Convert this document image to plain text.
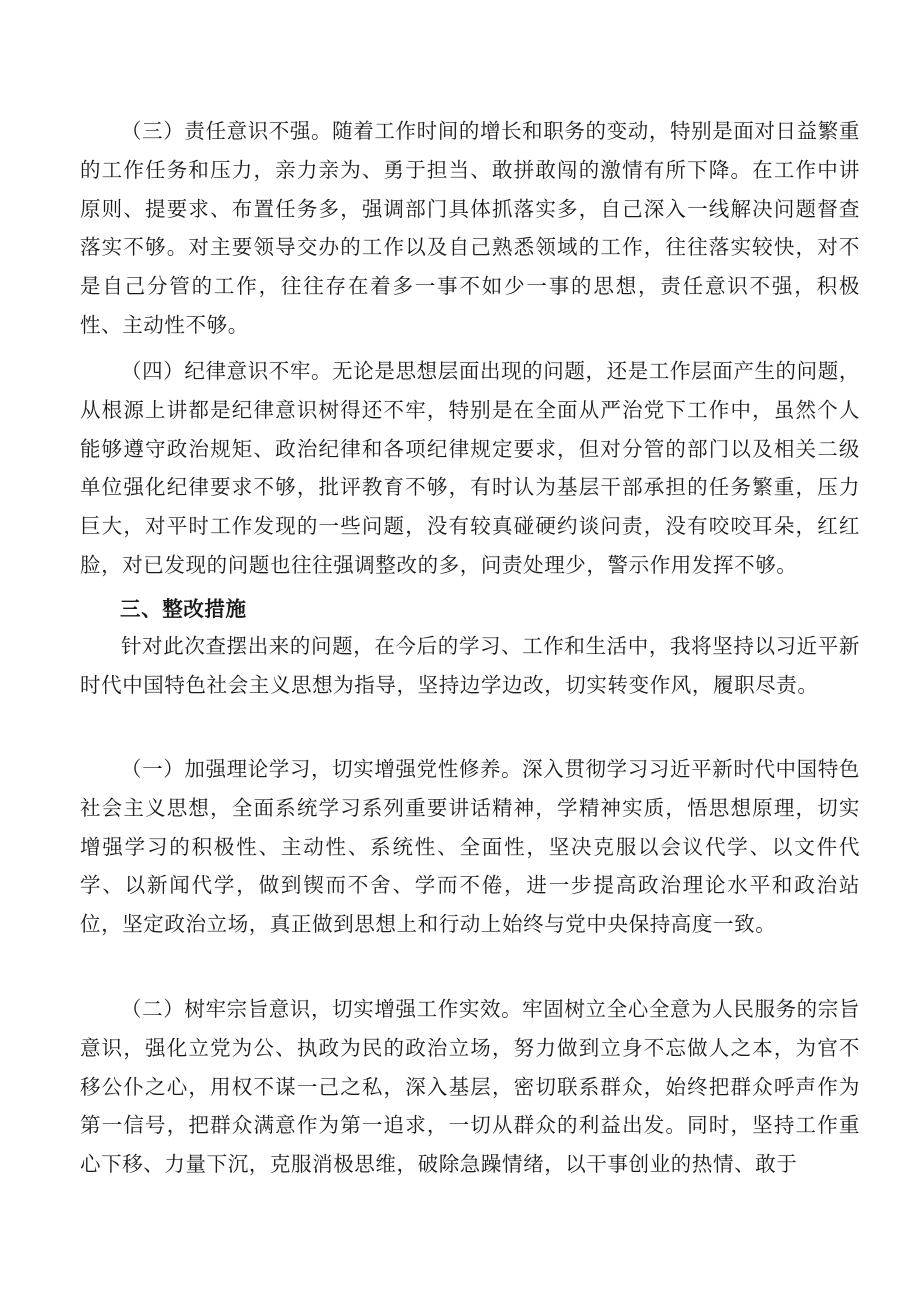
（三）责任意识不强。随着工作时间的增长和职务的变动，特别是面对日益繁重的工作任务和压力，亲力亲为、勇于担当、敢拼敢闯的激情有所下降。在工作中讲原则、提要求、布置任务多，强调部门具体抓落实多，自己深入一线解决问题督查落实不够。对主要领导交办的工作以及自己熟悉领域的工作，往往落实较快，对不是自己分管的工作，往往存在着多一事不如少一事的思想，责任意识不强，积极性、主动性不够。

（四）纪律意识不牢。无论是思想层面出现的问题，还是工作层面产生的问题，从根源上讲都是纪律意识树得还不牢，特别是在全面从严治党下工作中，虽然个人能够遵守政治规矩、政治纪律和各项纪律规定要求，但对分管的部门以及相关二级单位强化纪律要求不够，批评教育不够，有时认为基层干部承担的任务繁重，压力巨大，对平时工作发现的一些问题，没有较真碰硬约谈问责，没有咬咬耳朵，红红脸，对已发现的问题也往往强调整改的多，问责处理少，警示作用发挥不够。

三、整改措施

针对此次查摆出来的问题，在今后的学习、工作和生活中，我将坚持以习近平新时代中国特色社会主义思想为指导，坚持边学边改，切实转变作风，履职尽责。

（一）加强理论学习，切实增强党性修养。深入贯彻学习习近平新时代中国特色社会主义思想，全面系统学习系列重要讲话精神，学精神实质，悟思想原理，切实增强学习的积极性、主动性、系统性、全面性，坚决克服以会议代学、以文件代学、以新闻代学，做到锲而不舍、学而不倦，进一步提高政治理论水平和政治站位，坚定政治立场，真正做到思想上和行动上始终与党中央保持高度一致。

（二）树牢宗旨意识，切实增强工作实效。牢固树立全心全意为人民服务的宗旨意识，强化立党为公、执政为民的政治立场，努力做到立身不忘做人之本，为官不移公仆之心，用权不谋一己之私，深入基层，密切联系群众，始终把群众呼声作为第一信号，把群众满意作为第一追求，一切从群众的利益出发。同时，坚持工作重心下移、力量下沉，克服消极思维，破除急躁情绪，以干事创业的热情、敢于
